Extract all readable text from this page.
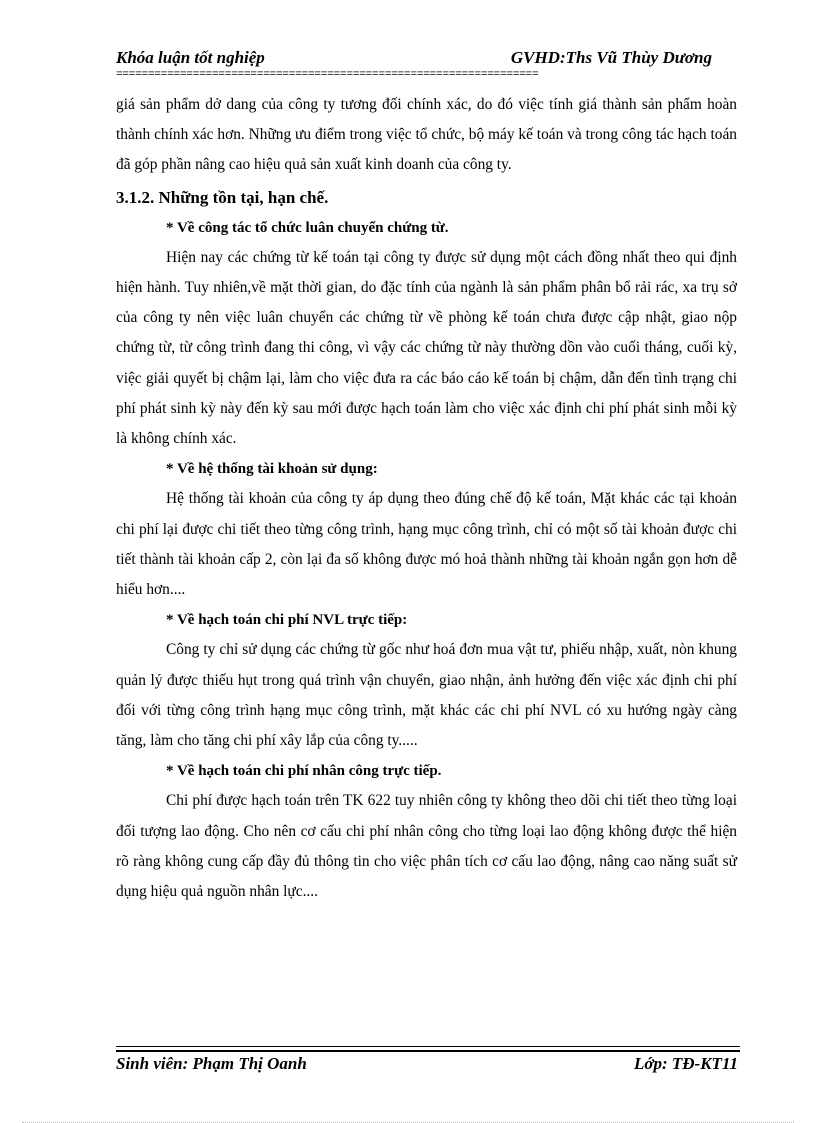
Khóa luận tốt nghiệp	GVHD:Ths Vũ Thùy Dương
==================================================================

giá sản phẩm dở dang của công ty tương đối chính xác, do đó việc tính giá thành sản phẩm hoàn thành chính xác hơn. Những ưu điểm trong việc tổ chức, bộ máy kế toán và trong công tác hạch toán đã góp phần nâng cao hiệu quả sản xuất kinh doanh của công ty.

3.1.2. Những tồn tại, hạn chế.
* Về công tác tổ chức luân chuyển chứng từ.

Hiện nay các chứng từ kế toán tại công ty được sử dụng một cách đồng nhất theo qui định hiện hành. Tuy nhiên,về mặt thời gian, do đặc tính của ngành là sản phẩm phân bổ rải rác, xa trụ sở của công ty nên việc luân chuyển các chứng từ về phòng kế toán chưa được cập nhật, giao nộp chứng từ, từ công trình đang thi công, vì vậy các chứng từ này thường dồn vào cuối tháng, cuối kỳ, việc giải quyết bị chậm lại, làm cho việc đưa ra các báo cáo kế toán bị chậm, dẫn đến tình trạng chi phí phát sinh kỳ này đến kỳ sau mới được hạch toán làm cho việc xác định chi phí phát sinh mỗi kỳ là không chính xác.

* Về hệ thống tài khoản sử dụng:

Hệ thống tài khoản của công ty áp dụng theo đúng chế độ kế toán, Mặt khác các tại khoản chi phí lại được chi tiết theo từng công trình, hạng mục công trình, chỉ có một số tài khoản được chi tiết thành tài khoản cấp 2, còn lại đa số không được mó hoả thành những tài khoản ngắn gọn hơn dễ hiểu hơn....

* Về hạch toán chi phí NVL trực tiếp:

Công ty chỉ sử dụng các chứng từ gốc như hoá đơn mua vật tư, phiếu nhập, xuất, nòn khung quản lý được thiếu hụt trong quá trình vận chuyển, giao nhận, ảnh hưởng đến việc xác định chi phí đối với từng công trình hạng mục công trình, mặt khác các chi phí NVL có xu hướng ngày càng tăng, làm cho tăng chi phí xây lắp của công ty.....

* Về hạch toán chi phí nhân công trực tiếp.

Chi phí được hạch toán trên TK 622 tuy nhiên công ty không theo dõi chi tiết theo từng loại đối tượng lao động. Cho nên cơ cấu chi phí nhân công cho từng loại lao động không được thể hiện rõ ràng không cung cấp đầy đủ thông tin cho việc phân tích cơ cấu lao động, nâng cao năng suất sử dụng hiệu quả nguồn nhân lực....

Sinh viên: Phạm Thị Oanh	Lớp: TĐ-KT11
